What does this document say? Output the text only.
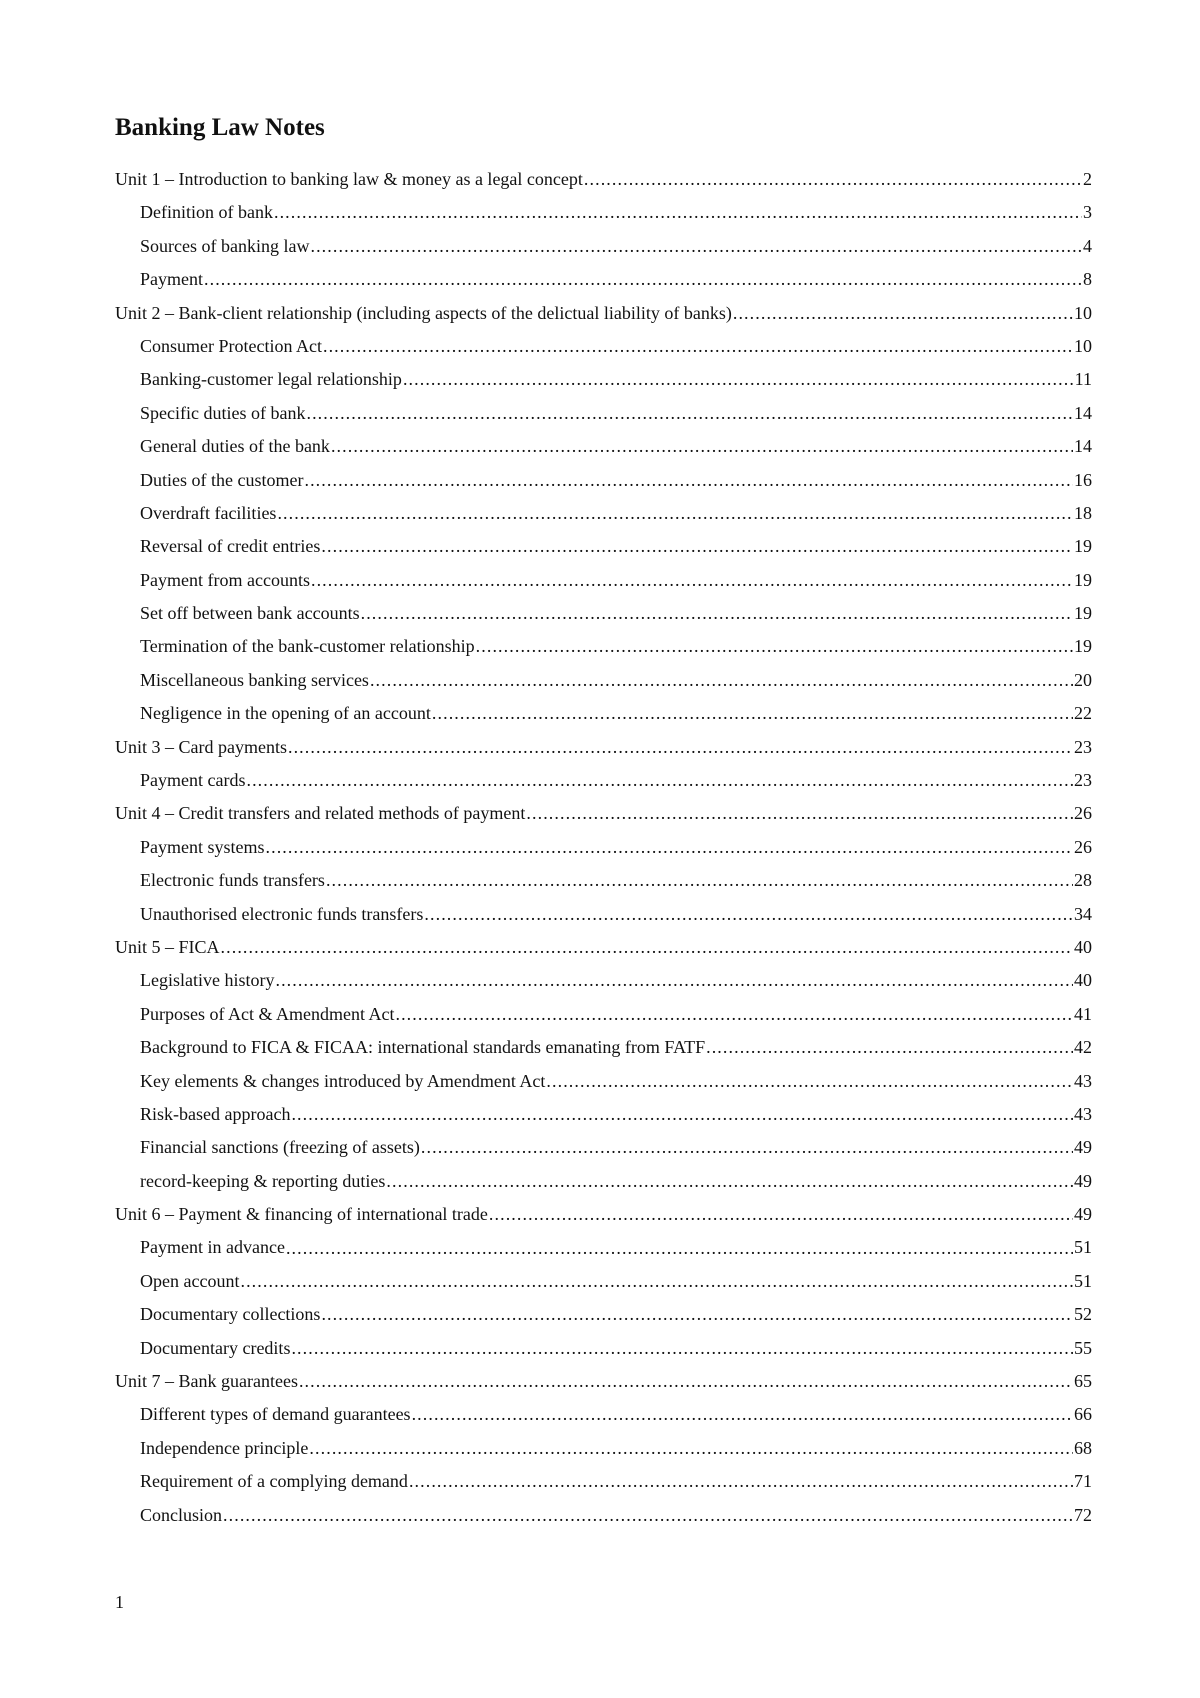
Banking Law Notes
Unit 1 – Introduction to banking law & money as a legal concept .....	2
Definition of bank .....	3
Sources of banking law .....	4
Payment .....	8
Unit 2 – Bank-client relationship (including aspects of the delictual liability of banks) .....	10
Consumer Protection Act .....	10
Banking-customer legal relationship .....	11
Specific duties of bank .....	14
General duties of the bank .....	14
Duties of the customer .....	16
Overdraft facilities .....	18
Reversal of credit entries .....	19
Payment from accounts .....	19
Set off between bank accounts .....	19
Termination of the bank-customer relationship .....	19
Miscellaneous banking services .....	20
Negligence in the opening of an account .....	22
Unit 3 – Card payments .....	23
Payment cards .....	23
Unit 4 – Credit transfers and related methods of payment .....	26
Payment systems .....	26
Electronic funds transfers .....	28
Unauthorised electronic funds transfers .....	34
Unit 5 – FICA .....	40
Legislative history .....	40
Purposes of Act & Amendment Act .....	41
Background to FICA & FICAA: international standards emanating from FATF .....	42
Key elements & changes introduced by Amendment Act .....	43
Risk-based approach .....	43
Financial sanctions (freezing of assets) .....	49
record-keeping & reporting duties .....	49
Unit 6 – Payment & financing of international trade .....	49
Payment in advance .....	51
Open account .....	51
Documentary collections .....	52
Documentary credits .....	55
Unit 7 – Bank guarantees .....	65
Different types of demand guarantees .....	66
Independence principle .....	68
Requirement of a complying demand .....	71
Conclusion .....	72
1
